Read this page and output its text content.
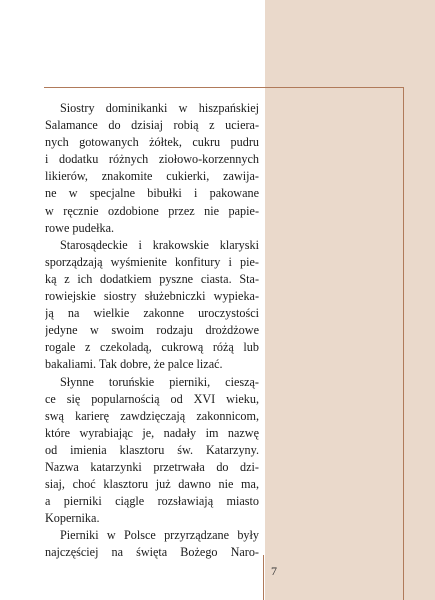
Siostry dominikanki w hiszpańskiej
Salamance do dzisiaj robią z uciera-
nych gotowanych żółtek, cukru pudru
i dodatku różnych ziołowo-korzennych
likierów, znakomite cukierki, zawija-
ne w specjalne bibułki i pakowane
w ręcznie ozdobione przez nie papie-
rowe pudełka.

Starosądeckie i krakowskie klaryski
sporządzają wyśmienite konfitury i pie-
ką z ich dodatkiem pyszne ciasta. Sta-
rowiejskie siostry służebniczki wypieka-
ją na wielkie zakonne uroczystości
jedyne w swoim rodzaju drożdżowe
rogale z czekoladą, cukrową różą lub
bakaliami. Tak dobre, że palce lizać.

Słynne toruńskie pierniki, cieszą-
ce się popularnością od XVI wieku,
swą karierę zawdzięczają zakonnicom,
które wyrabiając je, nadały im nazwę
od imienia klasztoru św. Katarzyny.
Nazwa katarzynki przetrwała do dzi-
siaj, choć klasztoru już dawno nie ma,
a pierniki ciągle rozsławiają miasto
Kopernika.

Pierniki w Polsce przyrządzane były
najczęściej na święta Bożego Naro-

7
